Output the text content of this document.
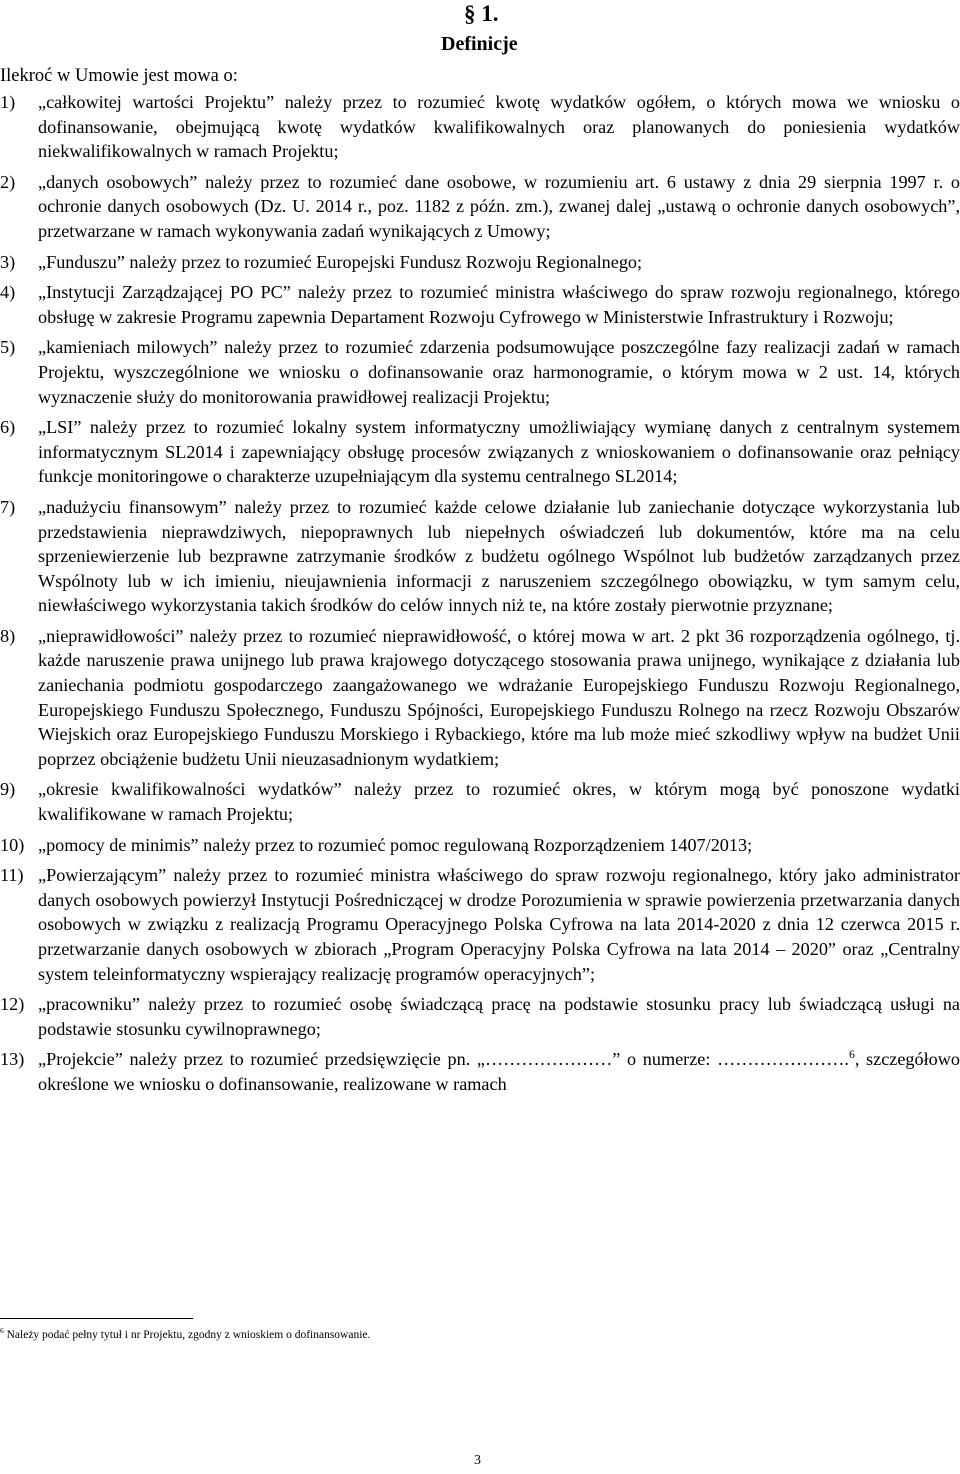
§ 1.
Definicje
Ilekroć w Umowie jest mowa o:
1)	„całkowitej wartości Projektu” należy przez to rozumieć kwotę wydatków ogółem, o których mowa we wniosku o dofinansowanie, obejmującą kwotę wydatków kwalifikowalnych oraz planowanych do poniesienia wydatków niekwalifikowalnych w ramach Projektu;
2)	„danych osobowych” należy przez to rozumieć dane osobowe, w rozumieniu art. 6 ustawy z dnia 29 sierpnia 1997 r. o ochronie danych osobowych (Dz. U. 2014 r., poz. 1182 z późn. zm.), zwanej dalej „ustawą o ochronie danych osobowych”, przetwarzane w ramach wykonywania zadań wynikających z Umowy;
3)	„Funduszu” należy przez to rozumieć Europejski Fundusz Rozwoju Regionalnego;
4)	„Instytucji Zarządzającej PO PC” należy przez to rozumieć ministra właściwego do spraw rozwoju regionalnego, którego obsługę w zakresie Programu zapewnia Departament Rozwoju Cyfrowego w Ministerstwie Infrastruktury i Rozwoju;
5)	„kamieniach milowych” należy przez to rozumieć zdarzenia podsumowujące poszczególne fazy realizacji zadań w ramach Projektu, wyszczególnione we wniosku o dofinansowanie oraz harmonogramie, o którym mowa w 2 ust. 14, których wyznaczenie służy do monitorowania prawidłowej realizacji Projektu;
6)	„LSI” należy przez to rozumieć lokalny system informatyczny umożliwiający wymianę danych z centralnym systemem informatycznym SL2014 i zapewniający obsługę procesów związanych z wnioskowaniem o dofinansowanie oraz pełniący funkcje monitoringowe o charakterze uzupełniającym dla systemu centralnego SL2014;
7)	„nadużyciu finansowym” należy przez to rozumieć każde celowe działanie lub zaniechanie dotyczące wykorzystania lub przedstawienia nieprawdziwych, niepoprawnych lub niepełnych oświadczeń lub dokumentów, które ma na celu sprzeniewierzenie lub bezprawne zatrzymanie środków z budżetu ogólnego Wspólnot lub budżetów zarządzanych przez Wspólnoty lub w ich imieniu, nieujawnienia informacji z naruszeniem szczególnego obowiązku, w tym samym celu, niewłaściwego wykorzystania takich środków do celów innych niż te, na które zostały pierwotnie przyznane;
8)	„nieprawidłowości” należy przez to rozumieć nieprawidłowość, o której mowa w art. 2 pkt 36 rozporządzenia ogólnego, tj. każde naruszenie prawa unijnego lub prawa krajowego dotyczącego stosowania prawa unijnego, wynikające z działania lub zaniechania podmiotu gospodarczego zaangażowanego we wdrażanie Europejskiego Funduszu Rozwoju Regionalnego, Europejskiego Funduszu Społecznego, Funduszu Spójności, Europejskiego Funduszu Rolnego na rzecz Rozwoju Obszarów Wiejskich oraz Europejskiego Funduszu Morskiego i Rybackiego, które ma lub może mieć szkodliwy wpływ na budżet Unii poprzez obciążenie budżetu Unii nieuzasadnionym wydatkiem;
9)	„okresie kwalifikowalności wydatków” należy przez to rozumieć okres, w którym mogą być ponoszone wydatki kwalifikowane w ramach Projektu;
10) „pomocy de minimis” należy przez to rozumieć pomoc regulowaną Rozporządzeniem 1407/2013;
11) „Powierzającym” należy przez to rozumieć ministra właściwego do spraw rozwoju regionalnego, który jako administrator danych osobowych powierzył Instytucji Pośredniczącej w drodze Porozumienia w sprawie powierzenia przetwarzania danych osobowych w związku z realizacją Programu Operacyjnego Polska Cyfrowa na lata 2014-2020 z dnia 12 czerwca 2015 r. przetwarzanie danych osobowych w zbiorach „Program Operacyjny Polska Cyfrowa na lata 2014 – 2020” oraz „Centralny system teleinformatyczny wspierający realizację programów operacyjnych”;
12) „pracowniku” należy przez to rozumieć osobę świadczącą pracę na podstawie stosunku pracy lub świadczącą usługi na podstawie stosunku cywilnoprawnego;
13) „Projekcie” należy przez to rozumieć przedsięwzięcie pn. „…………………” o numerze: ………………….$^6$, szczegółowo określone we wniosku o dofinansowanie, realizowane w ramach
$^6$ Należy podać pełny tytuł i nr Projektu, zgodny z wnioskiem o dofinansowanie.
3
